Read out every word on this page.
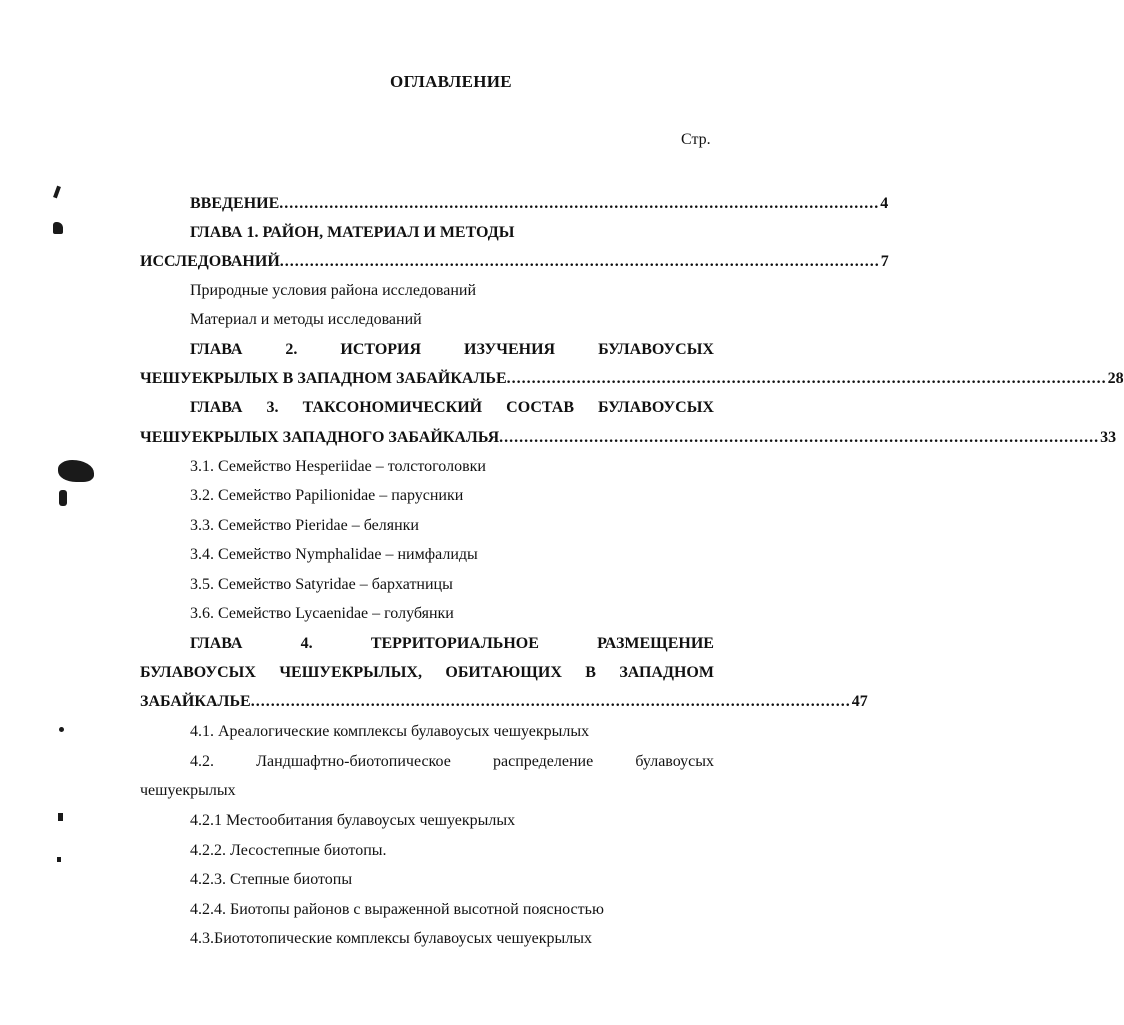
ОГЛАВЛЕНИЕ
Стр.
ВВЕДЕНИЕ ........................................................................................................................ 4
ГЛАВА 1. РАЙОН, МАТЕРИАЛ И МЕТОДЫ
ИССЛЕДОВАНИЙ ........................................................................................................................ 7
Природные условия района исследований
Материал и методы исследований
ГЛАВА	2.	ИСТОРИЯ	ИЗУЧЕНИЯ	БУЛАВОУСЫХ
ЧЕШУЕКРЫЛЫХ В ЗАПАДНОМ ЗАБАЙКАЛЬЕ ........................................................................................................................ 28
ГЛАВА 3. ТАКСОНОМИЧЕСКИЙ СОСТАВ БУЛАВОУСЫХ
ЧЕШУЕКРЫЛЫХ ЗАПАДНОГО ЗАБАЙКАЛЬЯ ........................................................................................................................ 33
3.1. Семейство Hesperiidae – толстоголовки
3.2. Семейство Papilionidae – парусники
3.3. Семейство Pieridae – белянки
3.4. Семейство Nymphalidae – нимфалиды
3.5. Семейство Satyridae – бархатницы
3.6. Семейство Lycaenidae – голубянки
ГЛАВА	4.	ТЕРРИТОРИАЛЬНОЕ	РАЗМЕЩЕНИЕ
БУЛАВОУСЫХ ЧЕШУЕКРЫЛЫХ, ОБИТАЮЩИХ В ЗАПАДНОМ
ЗАБАЙКАЛЬЕ ........................................................................................................................ 47
4.1. Ареалогические комплексы булавоусых чешуекрылых
4.2.	Ландшафтно-биотопическое	распределение	булавоусых
чешуекрылых
4.2.1 Местообитания булавоусых чешуекрылых
4.2.2. Лесостепные биотопы.
4.2.3. Степные биотопы
4.2.4. Биотопы районов с выраженной высотной поясностью
4.3.Биототопические комплексы булавоусых чешуекрылых
